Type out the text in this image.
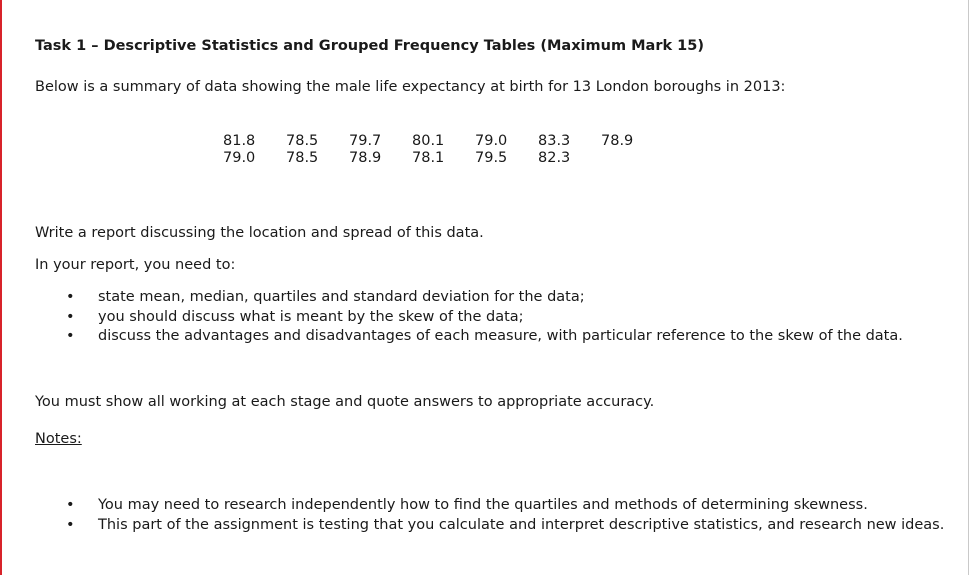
Task 1 – Descriptive Statistics and Grouped Frequency Tables (Maximum Mark 15)
Below is a summary of data showing the male life expectancy at birth for 13 London boroughs in 2013:
81.8	78.5	79.7	80.1	79.0	83.3	78.9
79.0	78.5	78.9	78.1	79.5	82.3
Write a report discussing the location and spread of this data.
In your report, you need to:
• state mean, median, quartiles and standard deviation for the data;
• you should discuss what is meant by the skew of the data;
• discuss the advantages and disadvantages of each measure, with particular reference to the skew of the data.
You must show all working at each stage and quote answers to appropriate accuracy.
Notes:
• You may need to research independently how to find the quartiles and methods of determining skewness.
• This part of the assignment is testing that you calculate and interpret descriptive statistics, and research new ideas.
